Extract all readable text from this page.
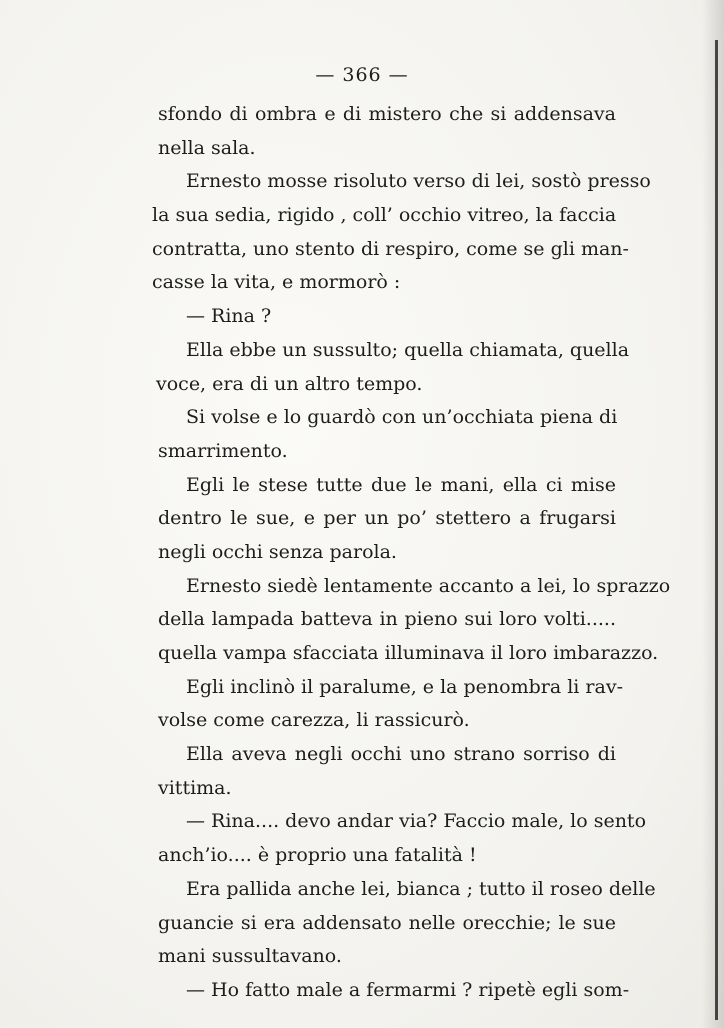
— 366 —
sfondo di ombra e di mistero che si addensava
nella sala.
Ernesto mosse risoluto verso di lei, sostò presso
la sua sedia, rigido , coll’ occhio vitreo, la faccia
contratta, uno stento di respiro, come se gli man-
casse la vita, e mormorò :
— Rina ?
Ella ebbe un sussulto; quella chiamata, quella
voce, era di un altro tempo.
Si volse e lo guardò con un’occhiata piena di
smarrimento.
Egli le stese tutte due le mani, ella ci mise
dentro le sue, e per un po’ stettero a frugarsi
negli occhi senza parola.
Ernesto siedè lentamente accanto a lei, lo sprazzo
della lampada batteva in pieno sui loro volti.....
quella vampa sfacciata illuminava il loro imbarazzo.
Egli inclinò il paralume, e la penombra li rav-
volse come carezza, li rassicurò.
Ella aveva negli occhi uno strano sorriso di
vittima.
— Rina.... devo andar via? Faccio male, lo sento
anch’io.... è proprio una fatalità !
Era pallida anche lei, bianca ; tutto il roseo delle
guancie si era addensato nelle orecchie; le sue
mani sussultavano.
— Ho fatto male a fermarmi ? ripetè egli som-
